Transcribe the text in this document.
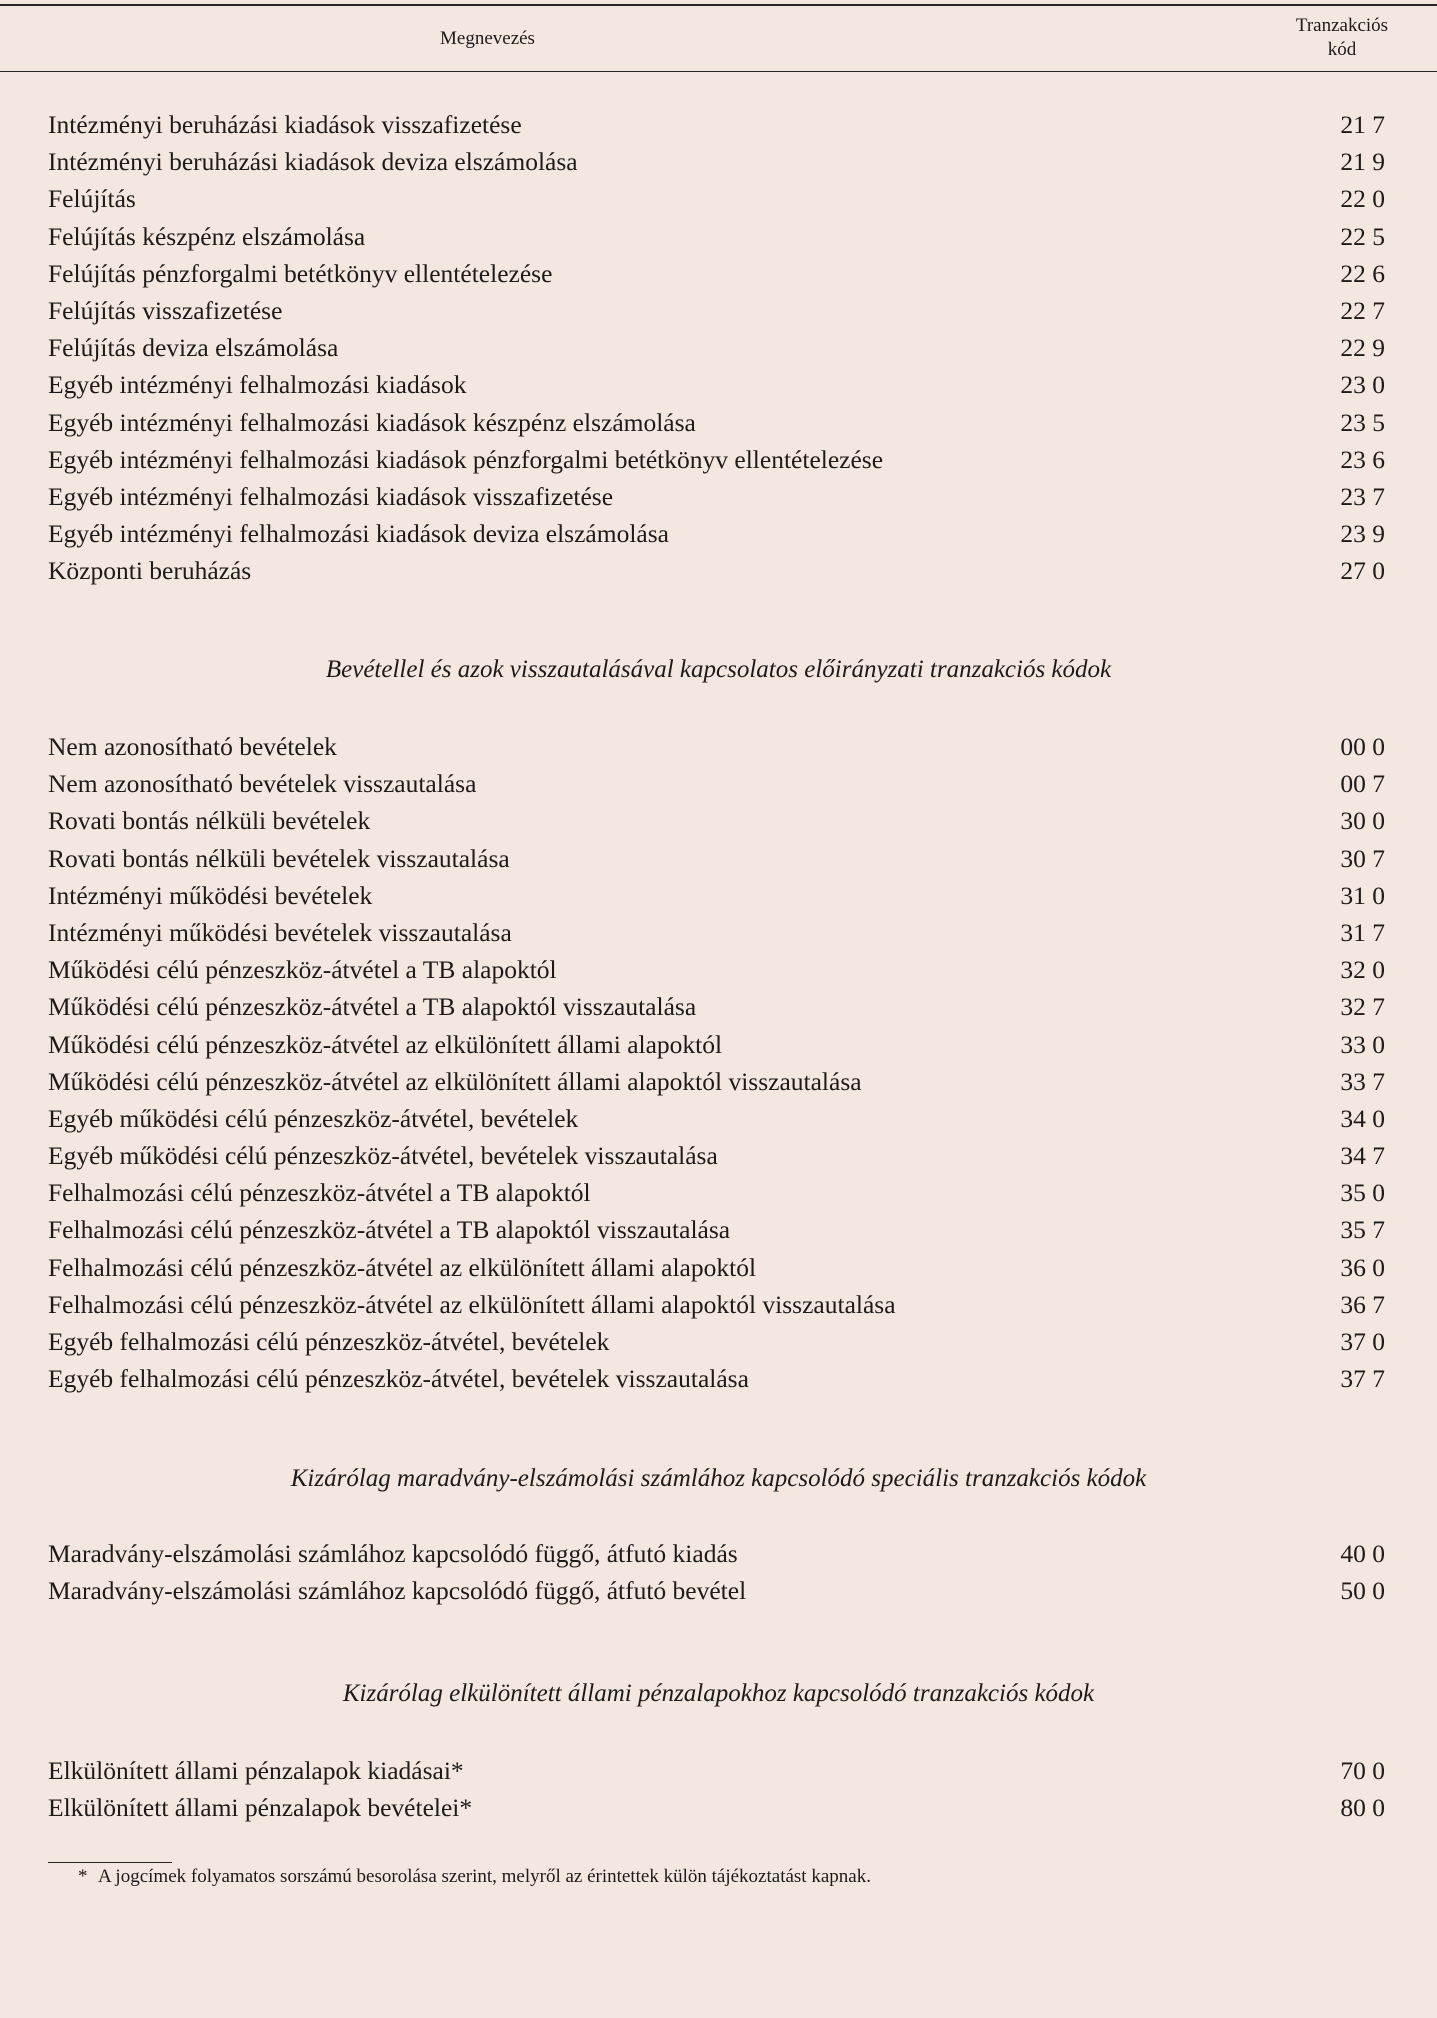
Megnevezés
Tranzakciós
kód
Intézményi beruházási kiadások visszafizetése	21 7
Intézményi beruházási kiadások deviza elszámolása	21 9
Felújítás	22 0
Felújítás készpénz elszámolása	22 5
Felújítás pénzforgalmi betétkönyv ellentételezése	22 6
Felújítás visszafizetése	22 7
Felújítás deviza elszámolása	22 9
Egyéb intézményi felhalmozási kiadások	23 0
Egyéb intézményi felhalmozási kiadások készpénz elszámolása	23 5
Egyéb intézményi felhalmozási kiadások pénzforgalmi betétkönyv ellentételezése	23 6
Egyéb intézményi felhalmozási kiadások visszafizetése	23 7
Egyéb intézményi felhalmozási kiadások deviza elszámolása	23 9
Központi beruházás	27 0
Bevétellel és azok visszautalásával kapcsolatos előirányzati tranzakciós kódok
Nem azonosítható bevételek	00 0
Nem azonosítható bevételek visszautalása	00 7
Rovati bontás nélküli bevételek	30 0
Rovati bontás nélküli bevételek visszautalása	30 7
Intézményi működési bevételek	31 0
Intézményi működési bevételek visszautalása	31 7
Működési célú pénzeszköz-átvétel a TB alapoktól	32 0
Működési célú pénzeszköz-átvétel a TB alapoktól visszautalása	32 7
Működési célú pénzeszköz-átvétel az elkülönített állami alapoktól	33 0
Működési célú pénzeszköz-átvétel az elkülönített állami alapoktól visszautalása	33 7
Egyéb működési célú pénzeszköz-átvétel, bevételek	34 0
Egyéb működési célú pénzeszköz-átvétel, bevételek visszautalása	34 7
Felhalmozási célú pénzeszköz-átvétel a TB alapoktól	35 0
Felhalmozási célú pénzeszköz-átvétel a TB alapoktól visszautalása	35 7
Felhalmozási célú pénzeszköz-átvétel az elkülönített állami alapoktól	36 0
Felhalmozási célú pénzeszköz-átvétel az elkülönített állami alapoktól visszautalása	36 7
Egyéb felhalmozási célú pénzeszköz-átvétel, bevételek	37 0
Egyéb felhalmozási célú pénzeszköz-átvétel, bevételek visszautalása	37 7
Kizárólag maradvány-elszámolási számlához kapcsolódó speciális tranzakciós kódok
Maradvány-elszámolási számlához kapcsolódó függő, átfutó kiadás	40 0
Maradvány-elszámolási számlához kapcsolódó függő, átfutó bevétel	50 0
Kizárólag elkülönített állami pénzalapokhoz kapcsolódó tranzakciós kódok
Elkülönített állami pénzalapok kiadásai*	70 0
Elkülönített állami pénzalapok bevételei*	80 0
* A jogcímek folyamatos sorszámú besorolása szerint, melyről az érintettek külön tájékoztatást kapnak.
